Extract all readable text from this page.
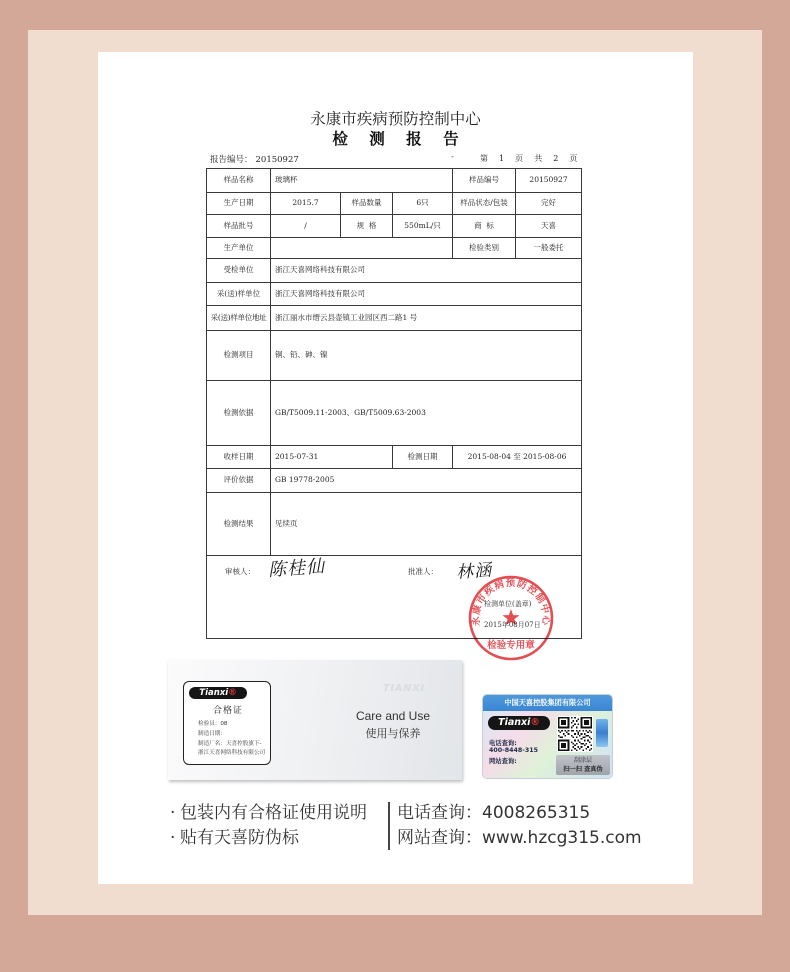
永康市疾病预防控制中心
检 测 报 告
报告编号： 20150927	-	第 1 页 共 2 页
样品名称	玻璃杯			样品编号	20150927
生产日期	2015.7	样品数量	6只	样品状态/包装	完好
样品批号	/	规  格	550mL/只	商  标	天喜
生产单位				检验类别	一般委托
受检单位	浙江天喜网络科技有限公司				
采(送)样单位	浙江天喜网络科技有限公司				
采(送)样单位地址	浙江丽水市缙云县壶镇工业园区西二路1 号				
检测项目	铜、铅、砷、镍				
检测依据	GB/T5009.11-2003、GB/T5009.63-2003				
收样日期	2015-07-31		检测日期	2015-08-04 至 2015-08-06	
评价依据	GB 19778-2005				
检测结果	见续页				

审核人： 陈桂仙	批准人： 林涵
检测单位(盖章)
2015年08月07日
永康市疾病预防控制中心
检验专用章
Tianxi®
合格证
检验员：08
制造日期：
制造厂名：天喜控股旗下-
浙江天喜网络科技有限公司
TIANXI
Care and Use
使用与保养
中国天喜控股集团有限公司
Tianxi®
电话查询:
400-8448-315
网站查询:	刮涂层
扫一扫 查真伪
· 包装内有合格证使用说明
· 贴有天喜防伪标
电话查询：4008265315
网站查询：www.hzcg315.com
